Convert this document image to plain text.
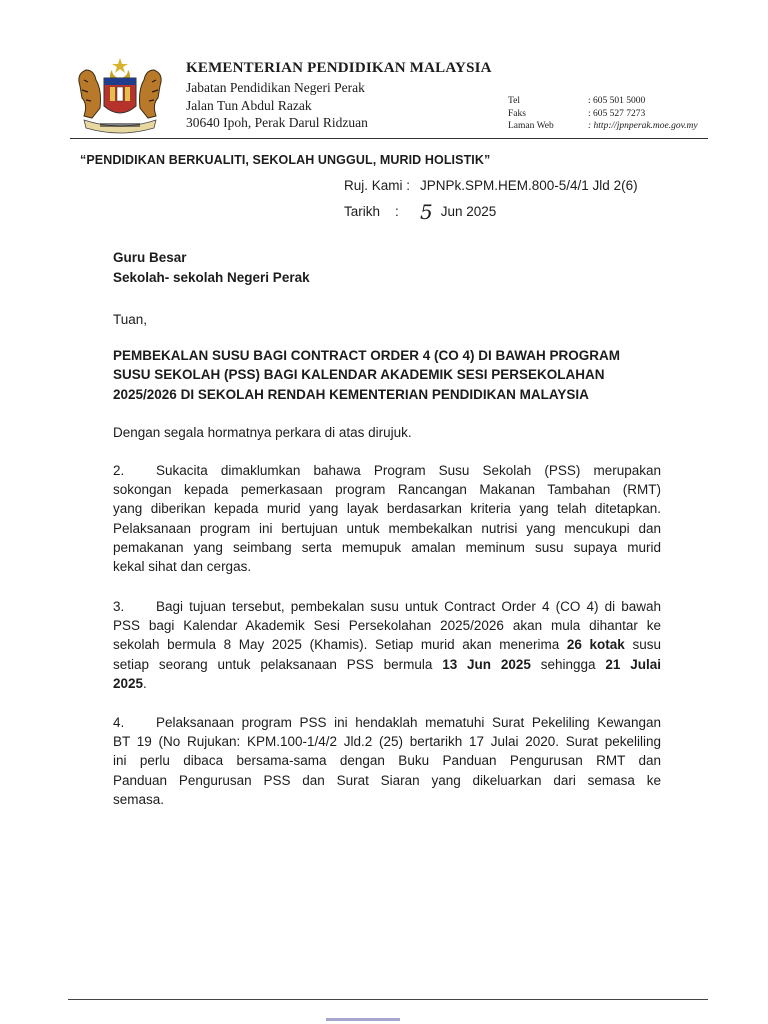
KEMENTERIAN PENDIDIKAN MALAYSIA
Jabatan Pendidikan Negeri Perak
Jalan Tun Abdul Razak
30640 Ipoh, Perak Darul Ridzuan
Tel	: 605 501 5000
Faks	: 605 527 7273
Laman Web	: http://jpnperak.moe.gov.my
“PENDIDIKAN BERKUALITI, SEKOLAH UNGGUL, MURID HOLISTIK”
Ruj. Kami : JPNPk.SPM.HEM.800-5/4/1 Jld 2(6)
Tarikh : 5 Jun 2025
Guru Besar
Sekolah- sekolah Negeri Perak
Tuan,
PEMBEKALAN SUSU BAGI CONTRACT ORDER 4 (CO 4) DI BAWAH PROGRAM
SUSU SEKOLAH (PSS) BAGI KALENDAR AKADEMIK SESI PERSEKOLAHAN
2025/2026 DI SEKOLAH RENDAH KEMENTERIAN PENDIDIKAN MALAYSIA
Dengan segala hormatnya perkara di atas dirujuk.
2. Sukacita dimaklumkan bahawa Program Susu Sekolah (PSS) merupakan
sokongan kepada pemerkasaan program Rancangan Makanan Tambahan (RMT)
yang diberikan kepada murid yang layak berdasarkan kriteria yang telah ditetapkan.
Pelaksanaan program ini bertujuan untuk membekalkan nutrisi yang mencukupi dan
pemakanan yang seimbang serta memupuk amalan meminum susu supaya murid
kekal sihat dan cergas.
3. Bagi tujuan tersebut, pembekalan susu untuk Contract Order 4 (CO 4) di bawah
PSS bagi Kalendar Akademik Sesi Persekolahan 2025/2026 akan mula dihantar ke
sekolah bermula 8 May 2025 (Khamis). Setiap murid akan menerima 26 kotak susu
setiap seorang untuk pelaksanaan PSS bermula 13 Jun 2025 sehingga 21 Julai
2025.
4. Pelaksanaan program PSS ini hendaklah mematuhi Surat Pekeliling Kewangan
BT 19 (No Rujukan: KPM.100-1/4/2 Jld.2 (25) bertarikh 17 Julai 2020. Surat pekeliling
ini perlu dibaca bersama-sama dengan Buku Panduan Pengurusan RMT dan
Panduan Pengurusan PSS dan Surat Siaran yang dikeluarkan dari semasa ke
semasa.
